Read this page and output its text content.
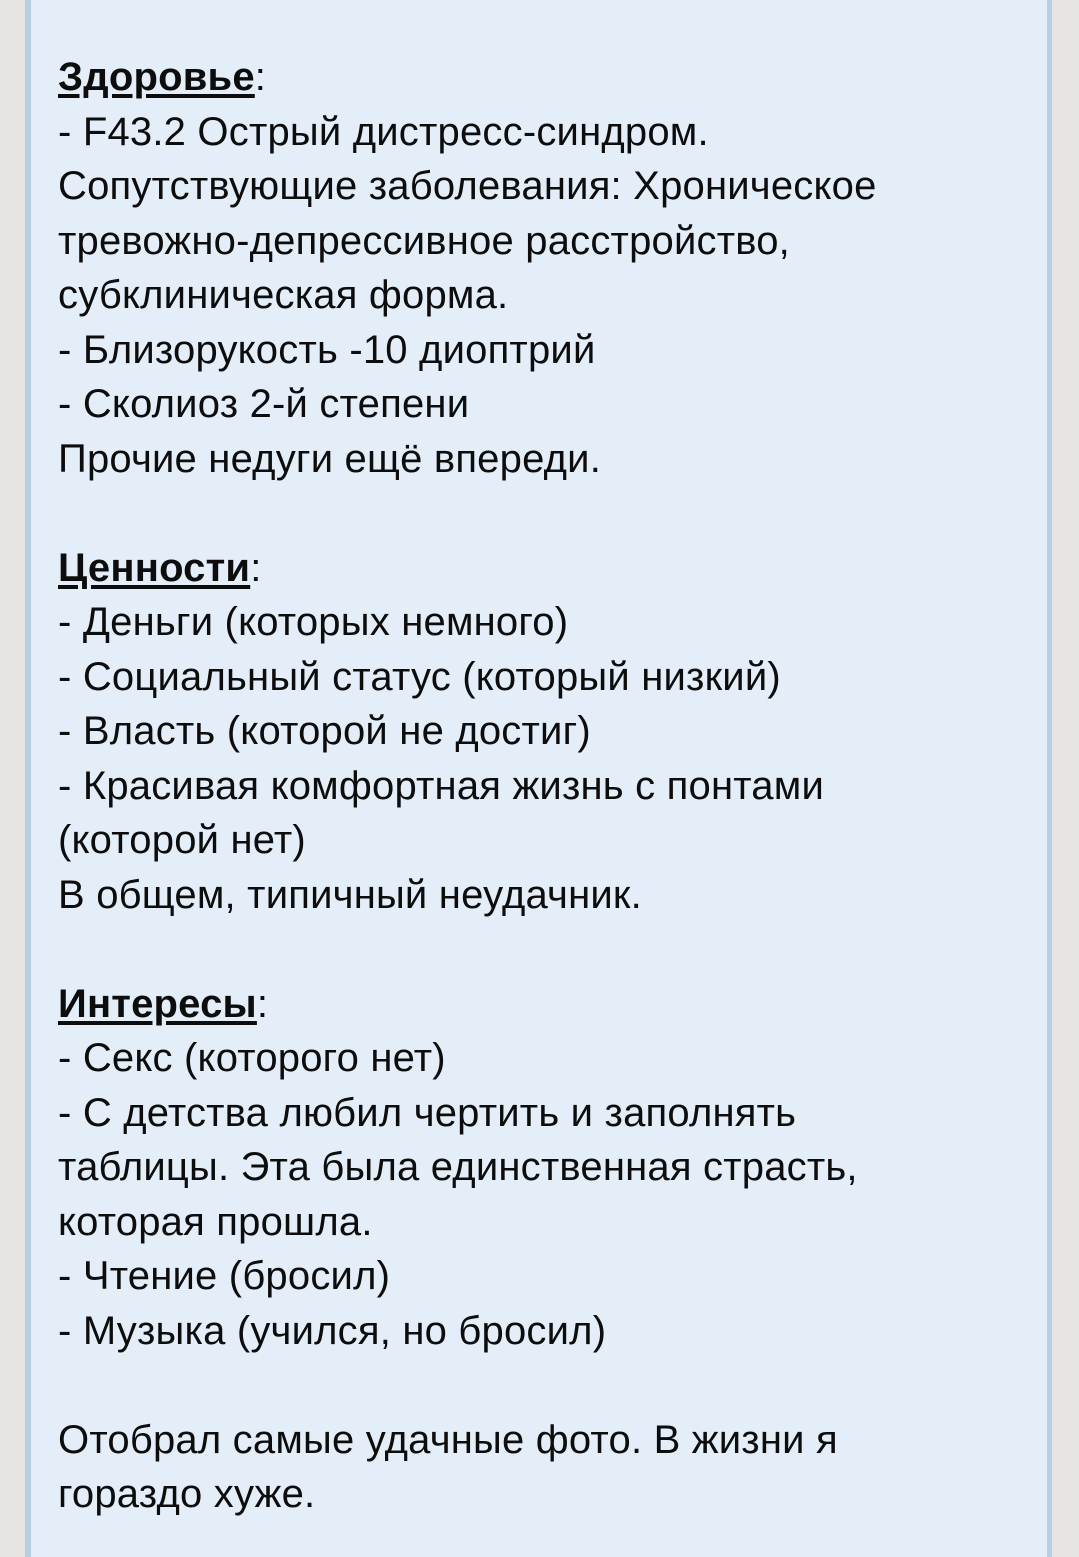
Здоровье:
- F43.2 Острый дистресс-синдром.
Сопутствующие заболевания: Хроническое
тревожно-депрессивное расстройство,
субклиническая форма.
- Близорукость -10 диоптрий
- Сколиоз 2-й степени
Прочие недуги ещё впереди.
Ценности:
- Деньги (которых немного)
- Социальный статус (который низкий)
- Власть (которой не достиг)
- Красивая комфортная жизнь с понтами
(которой нет)
В общем, типичный неудачник.
Интересы:
- Секс (которого нет)
- С детства любил чертить и заполнять
таблицы. Эта была единственная страсть,
которая прошла.
- Чтение (бросил)
- Музыка (учился, но бросил)
Отобрал самые удачные фото. В жизни я
гораздо хуже.
